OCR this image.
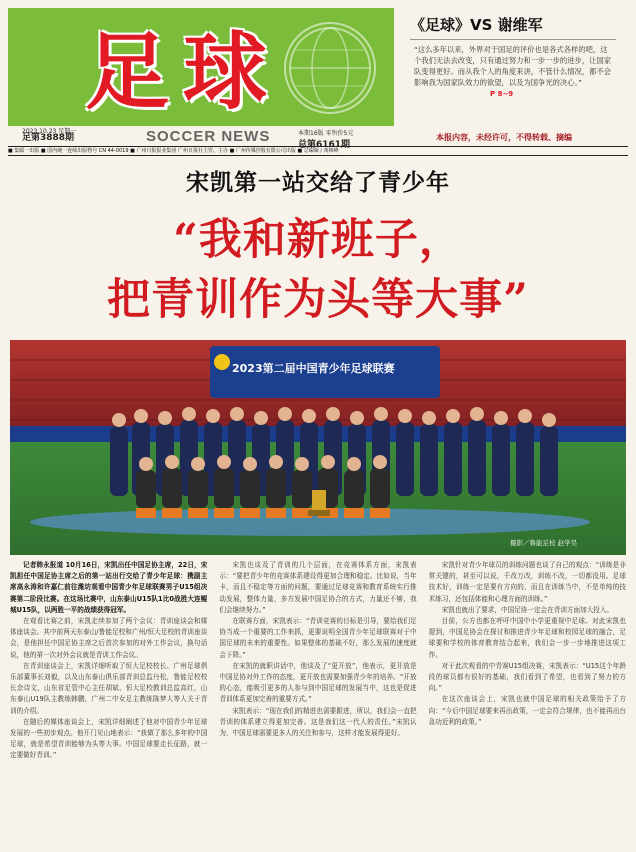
足球
2023.10.23 星期一
足第3888期	SOCCER NEWS	本期16版 零售价5元
总第6161期
《足球》VS 谢维军
“这么多年以来，外界对于国足的评价也是各式各样的吧，这个我们无法去改变，只有通过努力和一步一步的进步，让国家队变得更好。而从我个人的角度来讲，不管什么情况，都不会影响我为国家队效力的欲望，以及为国争光的决心。”
P 8~9
本报内容，未经许可，不得转载、摘编
■ 集邮一出版 ■ 国内统一连续出版物号 CN 44-0019 ■ 广州日报报业集团 广州日报社主管、主办 ■ 广州传媒控股有限公司出版 ■ 总编辑 / 黄梅峰
宋凯第一站交给了青少年
“我和新班子，
把青训作为头等大事”
2023第二届中国青少年足球联赛
摄影／鲁能足校 赵学昊

记者韩永报道 10月16日，宋凯出任中国足协主席，22日，宋凯担任中国足协主席之后的第一站出行交给了青少年足球：携副主席高永涛和许嘉仁前往潍坊观看中国青少年足球联赛男子U15组决赛第二阶段比赛。在这场比赛中，山东泰山U15队1比0战胜大连鲲城U15队，以两胜一平的战绩获得冠军。

在观看比赛之前，宋凯走续参加了两个会议：青训座谈会和媒体座谈会。其中前两天东泰山/鲁能足校和广州/恒大足校的青训座谈会，是他担任中国足协主席之后首次参加的对外工作会议，换句话说，他的第一次对外会议就是青训工作会议。

在青训座谈会上，宋凯详细听取了恒大足校校长、广州足球俱乐部董事长刘毅，以及山东泰山俱乐部青训总监丹松，鲁能足校校长余诗文，山东省足管中心主任胡斌、恒大足校教训总监高红，山东泰山U19队主教练韩鹏，广州二中女足主教练陈梦人等人关于青训的介绍。

在随后的媒体座谈会上，宋凯详细阐述了他对中国青少年足球发展的一些初步观点。他开门见山地表示：“我做了那么多年的中国足球，就是希望青训能够为头等大事。中国足球要走长征路，就一定要做好青训。”

宋凯也谈及了青训的几个层面，在竞赛体系方面，宋凯表示：“要把青少年的竞赛体系建设得更加合理和稳定。比如说，当年卡，而且不稳定等方面的问题，要通过足球竞赛和教育系统实行推动发展，整体力量，多方发展中国足协合的方式，力量还不够，我们会继续努力。”

在联赛方面，宋凯表示：“青训竞赛的目标是引导，要给我们足协当成一个重要的工作来抓，更要说明全国青少年足球联赛对于中国足球的未来的重要性。如果整体的基础不好，那么发展的速度就会下降。”

在宋凯的就职讲话中，他谈及了“更开放”，他表示，更开放是中国足协对外工作的态度，更开放也需要加强青少年的培养。“开放的心态，能吸引更多的人参与到中国足球的发展当中，这也是促进青训体系更加完善的重要方式。”

宋凯表示：“现在我们的精进也需要跟进，所以，我们会一直把青训的体系建立得更加完善。这是我们这一代人的责任。”宋凯认为，中国足球需要更多人的关注和参与，这样才能发展得更好。

宋凯针对青少年球员的训练问题也谈了自己的观点：“训练是非常关键的，甚至可以说，千改万改，训练不改，一切都没用。足球技术好，训练一定是要有方向的，而且在训练当中，不是单纯的技术练习，还包括体能和心理方面的训练。”

宋凯也就出了要求，中国足协一定会在青训方面加大投入。

目前，公方也都在呼吁中国中小学更重视中足球。对此宋凯也提到，中国足协会在探讨和推进青少年足球和校园足球的融合，足球要和学校的体育教育结合起来，我们会一步一步地推进这项工作。

对于此次观看的中青赛U15组决赛，宋凯表示：“U15这个年龄段的球员都有很好的基础，我们看到了希望，也看到了努力的方向。”

在这次座谈会上，宋凯也就中国足球的相关政策给予了方向：“今后中国足球要来再出政策，一定会符合规律，也不能再出台急功近利的政策。”
